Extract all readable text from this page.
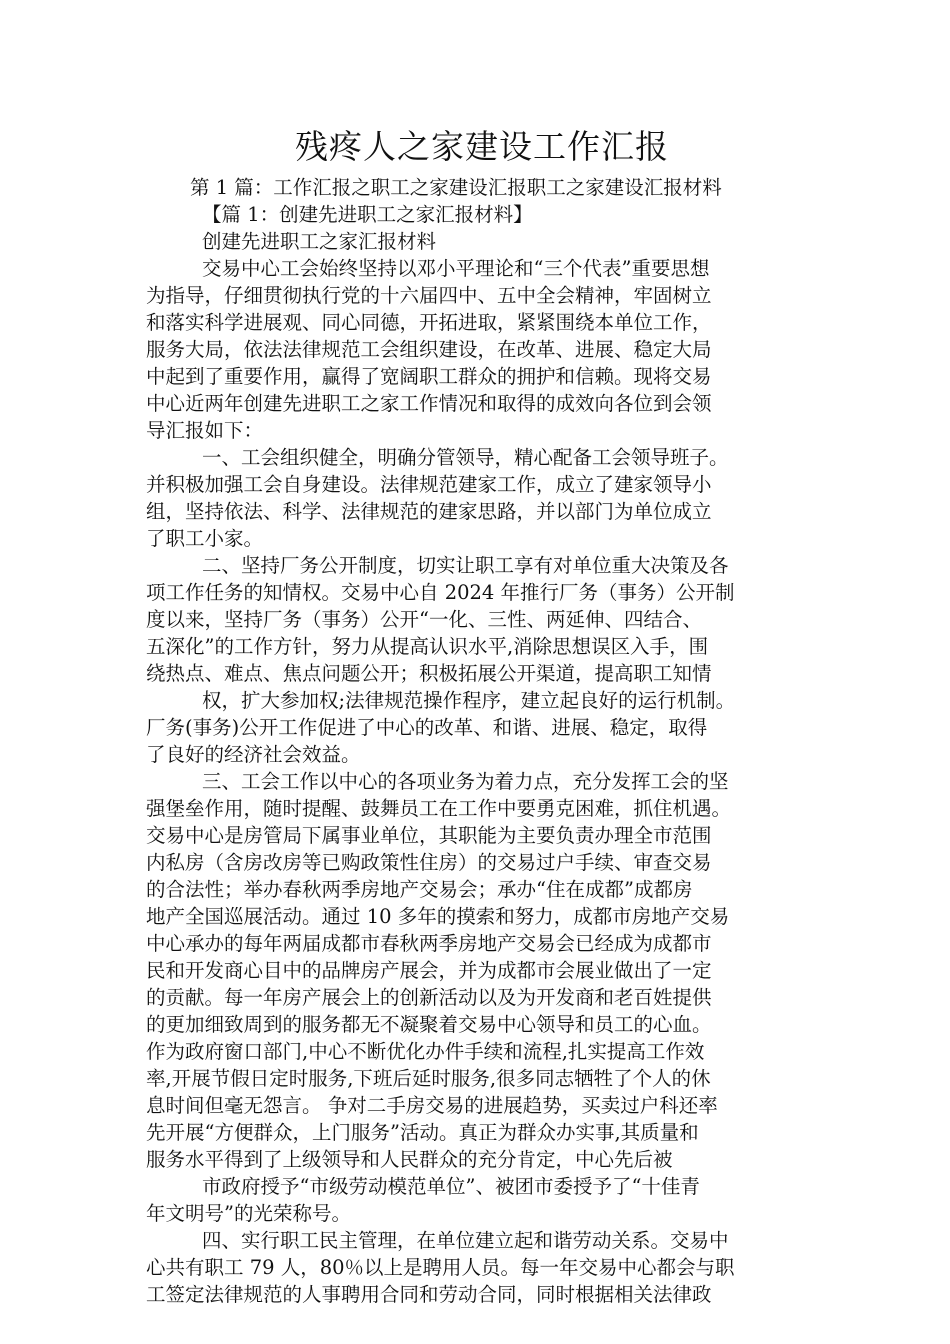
残疼人之家建设工作汇报
第 1 篇：工作汇报之职工之家建设汇报职工之家建设汇报材料
【篇 1：创建先进职工之家汇报材料】
创建先进职工之家汇报材料
交易中心工会始终坚持以邓小平理论和“三个代表”重要思想
为指导，仔细贯彻执行党的十六届四中、五中全会精神，牢固树立
和落实科学进展观、同心同德，开拓进取，紧紧围绕本单位工作，
服务大局，依法法律规范工会组织建设，在改革、进展、稳定大局
中起到了重要作用，赢得了宽阔职工群众的拥护和信赖。现将交易
中心近两年创建先进职工之家工作情况和取得的成效向各位到会领
导汇报如下：
一、工会组织健全，明确分管领导，精心配备工会领导班子。
并积极加强工会自身建设。法律规范建家工作，成立了建家领导小
组，坚持依法、科学、法律规范的建家思路，并以部门为单位成立
了职工小家。
二、坚持厂务公开制度，切实让职工享有对单位重大决策及各
项工作任务的知情权。交易中心自 2024 年推行厂务（事务）公开制
度以来，坚持厂务（事务）公开“一化、三性、两延伸、四结合、
五深化”的工作方针，努力从提高认识水平,消除思想误区入手，围
绕热点、难点、焦点问题公开；积极拓展公开渠道，提高职工知情
权，扩大参加权;法律规范操作程序，建立起良好的运行机制。
厂务(事务)公开工作促进了中心的改革、和谐、进展、稳定，取得
了良好的经济社会效益。
三、工会工作以中心的各项业务为着力点，充分发挥工会的坚
强堡垒作用，随时提醒、鼓舞员工在工作中要勇克困难，抓住机遇。
交易中心是房管局下属事业单位，其职能为主要负责办理全市范围
内私房（含房改房等已购政策性住房）的交易过户手续、审查交易
的合法性；举办春秋两季房地产交易会；承办“住在成都”成都房
地产全国巡展活动。通过 10 多年的摸索和努力，成都市房地产交易
中心承办的每年两届成都市春秋两季房地产交易会已经成为成都市
民和开发商心目中的品牌房产展会，并为成都市会展业做出了一定
的贡献。每一年房产展会上的创新活动以及为开发商和老百姓提供
的更加细致周到的服务都无不凝聚着交易中心领导和员工的心血。
作为政府窗口部门,中心不断优化办件手续和流程,扎实提高工作效
率,开展节假日定时服务,下班后延时服务,很多同志牺牲了个人的休
息时间但毫无怨言。 争对二手房交易的进展趋势，买卖过户科还率
先开展“方便群众，上门服务”活动。真正为群众办实事,其质量和
服务水平得到了上级领导和人民群众的充分肯定，中心先后被
市政府授予“市级劳动模范单位”、被团市委授予了“十佳青
年文明号”的光荣称号。
四、实行职工民主管理，在单位建立起和谐劳动关系。交易中
心共有职工 79 人，80％以上是聘用人员。每一年交易中心都会与职
工签定法律规范的人事聘用合同和劳动合同，同时根据相关法律政
